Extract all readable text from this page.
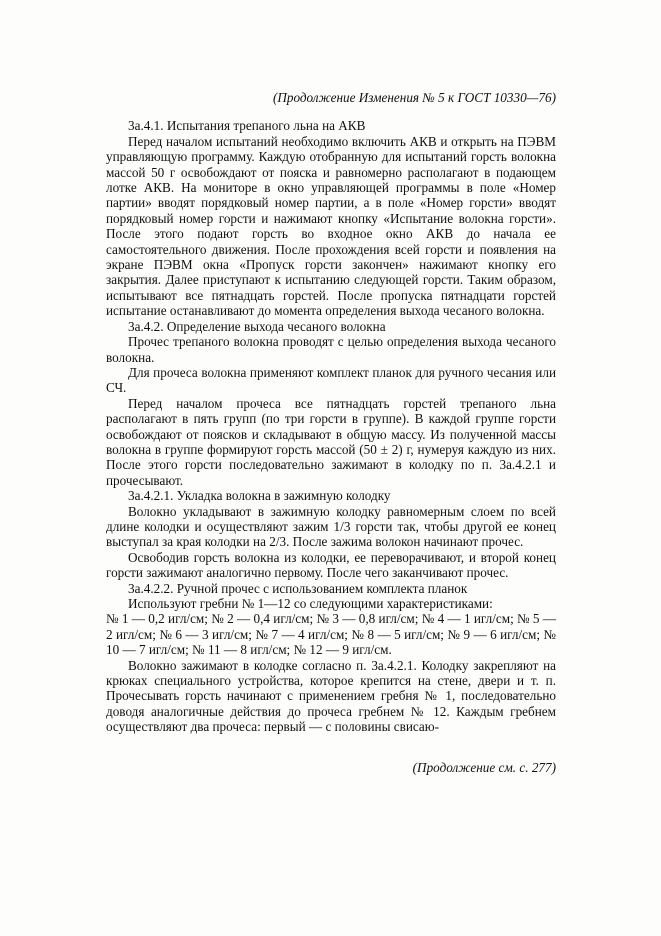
(Продолжение Изменения № 5 к ГОСТ 10330—76)

3а.4.1. Испытания трепаного льна на АКВ

Перед началом испытаний необходимо включить АКВ и открыть на ПЭВМ управляющую программу. Каждую отобранную для испытаний горсть волокна массой 50 г освобождают от пояска и равномерно располагают в подающем лотке АКВ. На мониторе в окно управляющей программы в поле «Номер партии» вводят порядковый номер партии, а в поле «Номер горсти» вводят порядковый номер горсти и нажимают кнопку «Испытание волокна горсти». После этого подают горсть во входное окно АКВ до начала ее самостоятельного движения. После прохождения всей горсти и появления на экране ПЭВМ окна «Пропуск горсти закончен» нажимают кнопку его закрытия. Далее приступают к испытанию следующей горсти. Таким образом, испытывают все пятнадцать горстей. После пропуска пятнадцати горстей испытание останавливают до момента определения выхода чесаного волокна.

3а.4.2. Определение выхода чесаного волокна

Прочес трепаного волокна проводят с целью определения выхода чесаного волокна.

Для прочеса волокна применяют комплект планок для ручного чесания или СЧ.

Перед началом прочеса все пятнадцать горстей трепаного льна располагают в пять групп (по три горсти в группе). В каждой группе горсти освобождают от поясков и складывают в общую массу. Из полученной массы волокна в группе формируют горсть массой (50 ± 2) г, нумеруя каждую из них. После этого горсти последовательно зажимают в колодку по п. 3а.4.2.1 и прочесывают.

3а.4.2.1. Укладка волокна в зажимную колодку

Волокно укладывают в зажимную колодку равномерным слоем по всей длине колодки и осуществляют зажим 1/3 горсти так, чтобы другой ее конец выступал за края колодки на 2/3. После зажима волокон начинают прочес.

Освободив горсть волокна из колодки, ее переворачивают, и второй конец горсти зажимают аналогично первому. После чего заканчивают прочес.

3а.4.2.2. Ручной прочес с использованием комплекта планок

Используют гребни № 1—12 со следующими характеристиками:

№ 1 — 0,2 игл/см; № 2 — 0,4 игл/см; № 3 — 0,8 игл/см; № 4 — 1 игл/см; № 5 — 2 игл/см; № 6 — 3 игл/см; № 7 — 4 игл/см; № 8 — 5 игл/см; № 9 — 6 игл/см; № 10 — 7 игл/см; № 11 — 8 игл/см; № 12 — 9 игл/см.

Волокно зажимают в колодке согласно п. 3а.4.2.1. Колодку закрепляют на крюках специального устройства, которое крепится на стене, двери и т. п. Прочесывать горсть начинают с применением гребня № 1, последовательно доводя аналогичные действия до прочеса гребнем № 12. Каждым гребнем осуществляют два прочеса: первый — с половины свисаю-

(Продолжение см. с. 277)
